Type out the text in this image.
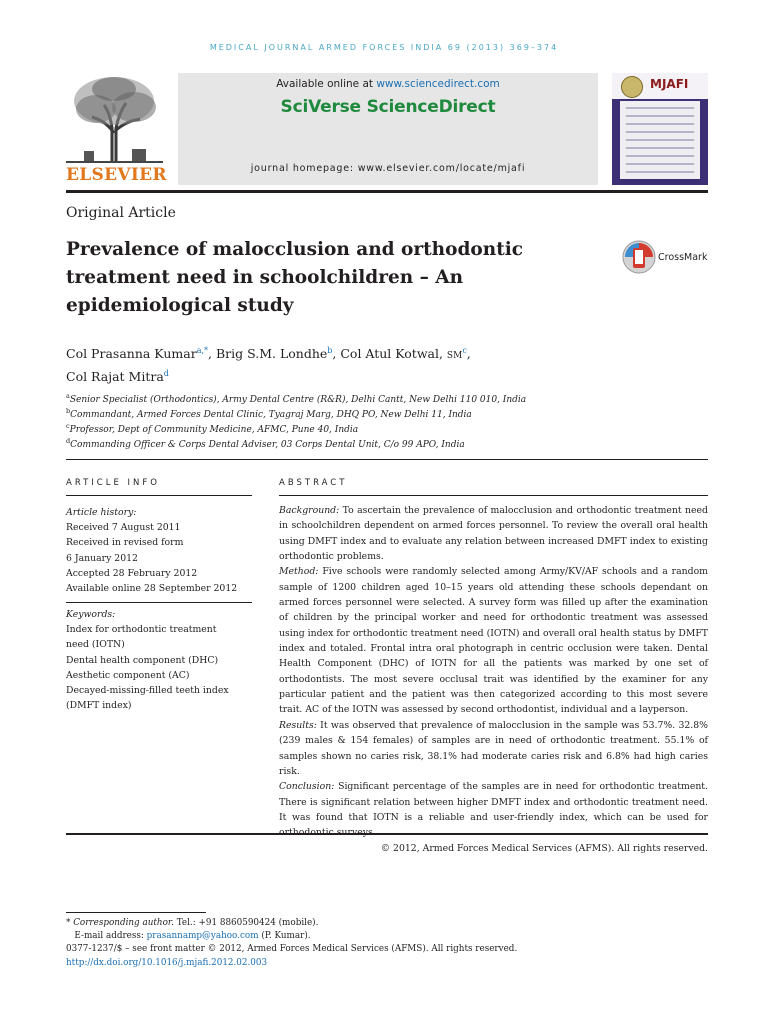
MEDICAL JOURNAL ARMED FORCES INDIA 69 (2013) 369–374
ELSEVIER
Available online at www.sciencedirect.com
SciVerse ScienceDirect
journal homepage: www.elsevier.com/locate/mjafi
MJAFI
Original Article
Prevalence of malocclusion and orthodontic treatment need in schoolchildren – An epidemiological study
CrossMark
Col Prasanna Kumar$^{a,*}$, Brig S.M. Londhe$^b$, Col Atul Kotwal, $SM^c$,
Col Rajat Mitra$^d$
$^a$Senior Specialist (Orthodontics), Army Dental Centre (R&R), Delhi Cantt, New Delhi 110 010, India
$^b$Commandant, Armed Forces Dental Clinic, Tyagraj Marg, DHQ PO, New Delhi 11, India
$^c$Professor, Dept of Community Medicine, AFMC, Pune 40, India
$^d$Commanding Officer & Corps Dental Adviser, 03 Corps Dental Unit, C/o 99 APO, India
ARTICLE INFO	ABSTRACT
Article history:
Received 7 August 2011
Received in revised form
6 January 2012
Accepted 28 February 2012
Available online 28 September 2012
Keywords:
Index for orthodontic treatment
need (IOTN)
Dental health component (DHC)
Aesthetic component (AC)
Decayed-missing-filled teeth index
(DMFT index)

Background: To ascertain the prevalence of malocclusion and orthodontic treatment need in schoolchildren dependent on armed forces personnel. To review the overall oral health using DMFT index and to evaluate any relation between increased DMFT index to existing orthodontic problems.

Method: Five schools were randomly selected among Army/KV/AF schools and a random sample of 1200 children aged 10–15 years old attending these schools dependant on armed forces personnel were selected. A survey form was filled up after the examination of children by the principal worker and need for orthodontic treatment was assessed using index for orthodontic treatment need (IOTN) and overall oral health status by DMFT index and totaled. Frontal intra oral photograph in centric occlusion were taken. Dental Health Component (DHC) of IOTN for all the patients was marked by one set of orthodontists. The most severe occlusal trait was identified by the examiner for any particular patient and the patient was then categorized according to this most severe trait. AC of the IOTN was assessed by second orthodontist, individual and a layperson.

Results: It was observed that prevalence of malocclusion in the sample was 53.7%. 32.8% (239 males & 154 females) of samples are in need of orthodontic treatment. 55.1% of samples shown no caries risk, 38.1% had moderate caries risk and 6.8% had high caries risk.

Conclusion: Significant percentage of the samples are in need for orthodontic treatment. There is significant relation between higher DMFT index and orthodontic treatment need. It was found that IOTN is a reliable and user-friendly index, which can be used for

© 2012, Armed Forces Medical Services (AFMS). All rights reserved.

* Corresponding author. Tel.: +91 8860590424 (mobile).
E-mail address: prasannamp@yahoo.com (P. Kumar).
0377-1237/$ – see front matter © 2012, Armed Forces Medical Services (AFMS). All rights reserved.
http://dx.doi.org/10.1016/j.mjafi.2012.02.003
